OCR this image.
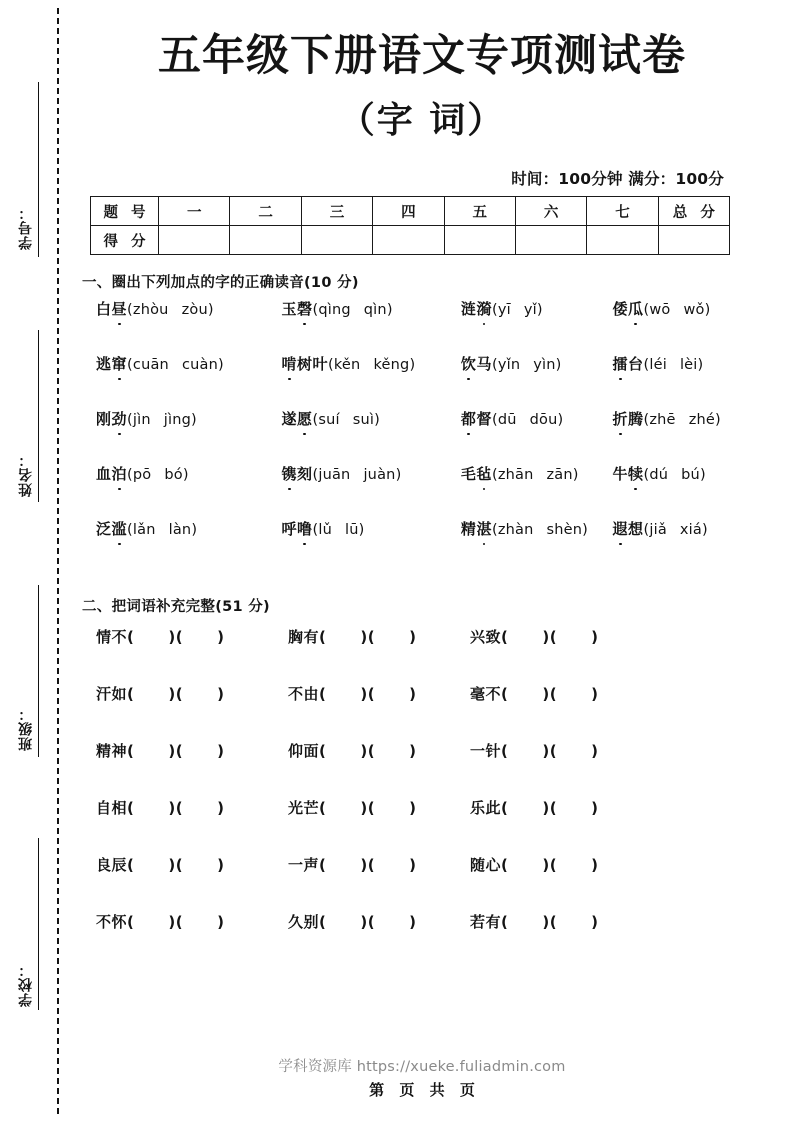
学号：
姓名：
班级：
学校：
五年级下册语文专项测试卷
（字 词）
时间：100分钟 满分：100分
题 号	一	二	三	四	五	六	七	总 分
得 分								
一、圈出下列加点的字的正确读音(10 分)
白昼(zhòu zòu)	玉磬(qìng qìn)	涟漪(yī yǐ)	倭瓜(wō wǒ)
逃窜(cuān cuàn)	啃树叶(kěn kěng)	饮马(yǐn yìn)	擂台(léi lèi)
刚劲(jìn jìng)	遂愿(suí suì)	都督(dū dōu)	折腾(zhē zhé)
血泊(pō bó)	镌刻(juān juàn)	毛毡(zhān zān)	牛犊(dú bú)
泛滥(lǎn làn)	呼噜(lǔ lū)	精湛(zhàn shèn)	遐想(jiǎ xiá)
二、把词语补充完整(51 分)
情不( )( )	胸有( )( )	兴致( )( )
汗如( )( )	不由( )( )	毫不( )( )
精神( )( )	仰面( )( )	一针( )( )
自相( )( )	光芒( )( )	乐此( )( )
良辰( )( )	一声( )( )	随心( )( )
不怀( )( )	久别( )( )	若有( )( )
学科资源库 https://xueke.fuliadmin.com
第 页 共 页
